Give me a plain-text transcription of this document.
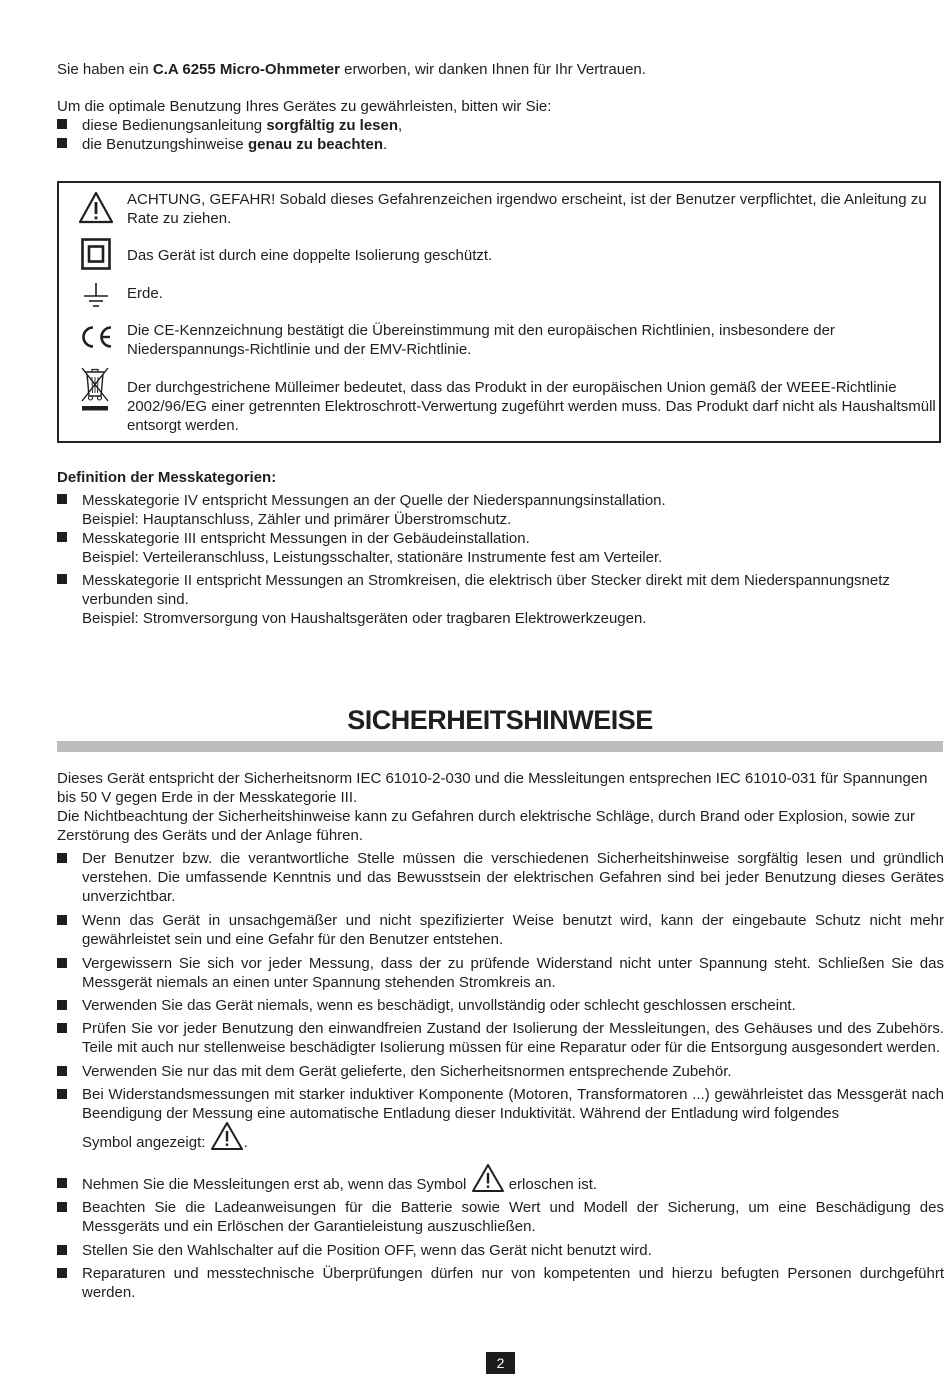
Sie haben ein C.A 6255 Micro-Ohmmeter erworben, wir danken Ihnen für Ihr Vertrauen.

Um die optimale Benutzung Ihres Gerätes zu gewährleisten, bitten wir Sie:

diese Bedienungsanleitung sorgfältig zu lesen,

die Benutzungshinweise genau zu beachten.

ACHTUNG, GEFAHR! Sobald dieses Gefahrenzeichen irgendwo erscheint, ist der Benutzer verpflichtet, die Anleitung zu Rate zu ziehen.

Das Gerät ist durch eine doppelte Isolierung geschützt.

Erde.

Die CE-Kennzeichnung bestätigt die Übereinstimmung mit den europäischen Richtlinien, insbesondere der Niederspannungs-Richtlinie und der EMV-Richtlinie.

Der durchgestrichene Mülleimer bedeutet, dass das Produkt in der europäischen Union gemäß der WEEE-Richtlinie 2002/96/EG einer getrennten Elektroschrott-Verwertung zugeführt werden muss. Das Produkt darf nicht als Haushaltsmüll entsorgt werden.

Definition der Messkategorien:

Messkategorie IV entspricht Messungen an der Quelle der Niederspannungsinstallation.
Beispiel: Hauptanschluss, Zähler und primärer Überstromschutz.

Messkategorie III entspricht Messungen in der Gebäudeinstallation.
Beispiel: Verteileranschluss, Leistungsschalter, stationäre Instrumente fest am Verteiler.

Messkategorie II entspricht Messungen an Stromkreisen, die elektrisch über Stecker direkt mit dem Niederspannungsnetz verbunden sind.
Beispiel: Stromversorgung von Haushaltsgeräten oder tragbaren Elektrowerkzeugen.

SICHERHEITSHINWEISE

Dieses Gerät entspricht der Sicherheitsnorm IEC 61010-2-030 und die Messleitungen entsprechen IEC 61010-031 für Spannungen bis 50 V gegen Erde in der Messkategorie III.
Die Nichtbeachtung der Sicherheitshinweise kann zu Gefahren durch elektrische Schläge, durch Brand oder Explosion, sowie zur Zerstörung des Geräts und der Anlage führen.

Der Benutzer bzw. die verantwortliche Stelle müssen die verschiedenen Sicherheitshinweise sorgfältig lesen und gründlich verstehen. Die umfassende Kenntnis und das Bewusstsein der elektrischen Gefahren sind bei jeder Benutzung dieses Gerätes unverzichtbar.

Wenn das Gerät in unsachgemäßer und nicht spezifizierter Weise benutzt wird, kann der eingebaute Schutz nicht mehr gewährleistet sein und eine Gefahr für den Benutzer entstehen.

Vergewissern Sie sich vor jeder Messung, dass der zu prüfende Widerstand nicht unter Spannung steht. Schließen Sie das Messgerät niemals an einen unter Spannung stehenden Stromkreis an.

Verwenden Sie das Gerät niemals, wenn es beschädigt, unvollständig oder schlecht geschlossen erscheint.

Prüfen Sie vor jeder Benutzung den einwandfreien Zustand der Isolierung der Messleitungen, des Gehäuses und des Zubehörs. Teile mit auch nur stellenweise beschädigter Isolierung müssen für eine Reparatur oder für die Entsorgung ausgesondert werden.

Verwenden Sie nur das mit dem Gerät gelieferte, den Sicherheitsnormen entsprechende Zubehör.

Bei Widerstandsmessungen mit starker induktiver Komponente (Motoren, Transformatoren ...) gewährleistet das Messgerät nach Beendigung der Messung eine automatische Entladung dieser Induktivität. Während der Entladung wird folgendes

Symbol angezeigt: .

Nehmen Sie die Messleitungen erst ab, wenn das Symbol  erloschen ist.

Beachten Sie die Ladeanweisungen für die Batterie sowie Wert und Modell der Sicherung, um eine Beschädigung des Messgeräts und ein Erlöschen der Garantieleistung auszuschließen.

Stellen Sie den Wahlschalter auf die Position OFF, wenn das Gerät nicht benutzt wird.

Reparaturen und messtechnische Überprüfungen dürfen nur von kompetenten und hierzu befugten Personen durchgeführt werden.

2
